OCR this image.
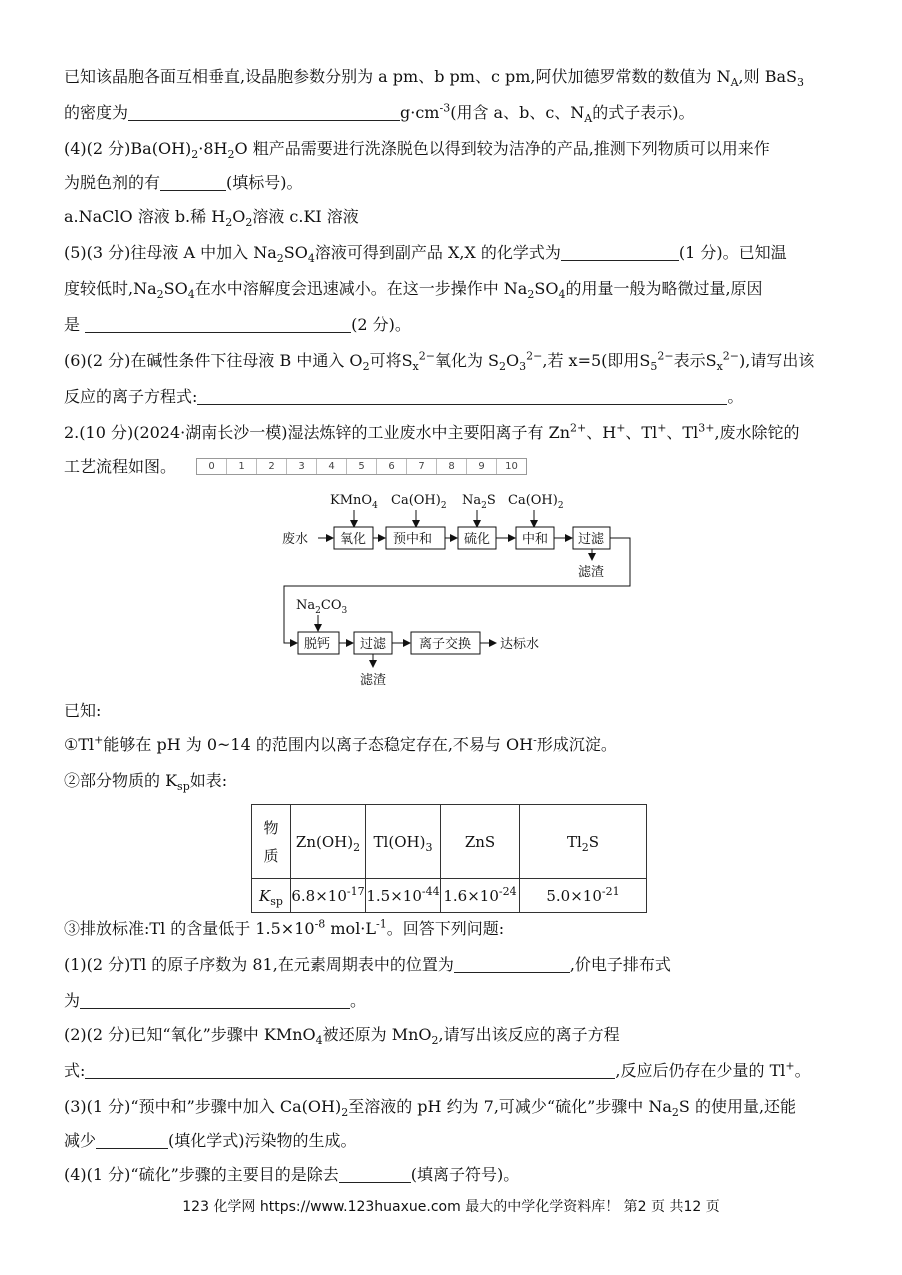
已知该晶胞各面互相垂直,设晶胞参数分别为 a pm、b pm、c pm,阿伏加德罗常数的数值为 $N_A$,则 BaS$_3$
的密度为	$g\cdot cm^{-3}$(用含 a、b、c、$N_A$的式子表示)。
(4)(2 分)$Ba(OH)_2\cdot 8H_2O$ 粗产品需要进行洗涤脱色以得到较为洁净的产品,推测下列物质可以用来作
为脱色剂的有	(填标号)。
a.NaClO 溶液 b.稀 $H_2O_2$溶液 c.KI 溶液
(5)(3 分)往母液 A 中加入 $Na_2SO_4$溶液可得到副产品 X,X 的化学式为	(1 分)。已知温
度较低时$,Na_2SO_4$在水中溶解度会迅速减小。在这一步操作中 $Na_2SO_4$的用量一般为略微过量,原因
是	(2 分)。
(6)(2 分)在碱性条件下往母液 B 中通入 $O_2$可将$S_x^{2-}$氧化为 $S_2O_3^{2-}$,若 x=5(即用$S_5^{2-}$表示$S_x^{2-}$),请写出该
反应的离子方程式:	。
2.(10 分)(2024·湖南长沙一模)湿法炼锌的工业废水中主要阳离子有 $Zn^{2+}$、H+、Tl+、$Tl^{3+}$,废水除铊的
工艺流程如图。	0	1	2	3	4	5	6	7	8	9	10
KMnO$_4$ $Ca(OH)_2$ $Na_2S$ $Ca(OH)_2$
$Na_2CO_3$
废水 氧化 预中和 硫化 中和 过滤
滤渣
脱钙 过滤	离子交换 达标水
滤渣
已知:
①Tl+能够在 pH 为 0~14 的范围内以离子态稳定存在,不易与 OH-形成沉淀。
②部分物质的 $K_{sp}$如表:
物
质	$Zn(OH)_2$	$Tl(OH)_3$	ZnS	$Tl_2S$
$K_{sp}$	$6.8\times 10^{-17}$	$1.5\times 10^{-44}$	$1.6\times 10^{-24}$	$5.0\times 10^{-21}$
③排放标准:Tl 的含量低于 $1.5\times 10^{-8}$ $mol\cdot L^{-1}$。回答下列问题:
(1)(2 分)Tl 的原子序数为 81,在元素周期表中的位置为	,价电子排布式
为	。
(2)(2 分)已知“氧化”步骤中 KMnO$_4$被还原为 MnO$_2$,请写出该反应的离子方程
式:	,反应后仍存在少量的 Tl+。
(3)(1 分)“预中和”步骤中加入 $Ca(OH)_2$至溶液的 pH 约为 7,可减少“硫化”步骤中 $Na_2S$ 的使用量,还能
减少	(填化学式)污染物的生成。
(4)(1 分)“硫化”步骤的主要目的是除去	(填离子符号)。
123 化学网 https://www.123huaxue.com 最大的中学化学资料库！ 第2 页 共12 页
